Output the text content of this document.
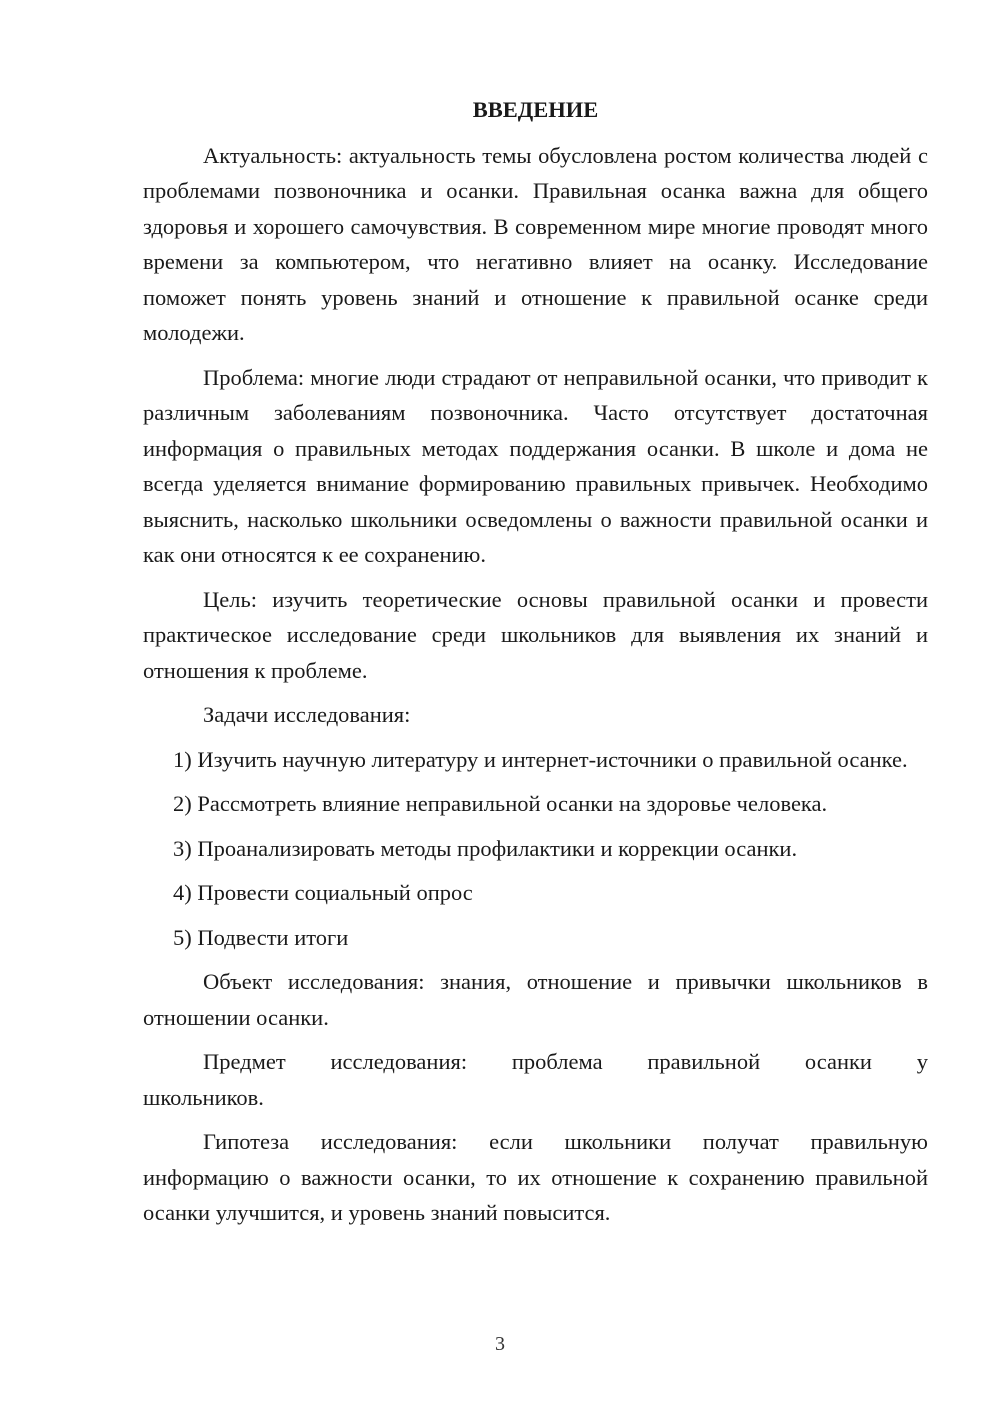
ВВЕДЕНИЕ

Актуальность: актуальность темы обусловлена ростом количества людей с проблемами позвоночника и осанки. Правильная осанка важна для общего здоровья и хорошего самочувствия. В современном мире многие проводят много времени за компьютером, что негативно влияет на осанку. Исследование поможет понять уровень знаний и отношение к правильной осанке среди молодежи.

Проблема: многие люди страдают от неправильной осанки, что приводит к различным заболеваниям позвоночника. Часто отсутствует достаточная информация о правильных методах поддержания осанки. В школе и дома не всегда уделяется внимание формированию правильных привычек. Необходимо выяснить, насколько школьники осведомлены о важности правильной осанки и как они относятся к ее сохранению.

Цель: изучить теоретические основы правильной осанки и провести практическое исследование среди школьников для выявления их знаний и отношения к проблеме.

Задачи исследования:

1) Изучить научную литературу и интернет-источники о правильной осанке.

2) Рассмотреть влияние неправильной осанки на здоровье человека.

3) Проанализировать методы профилактики и коррекции осанки.

4) Провести социальный опрос

5) Подвести итоги

Объект исследования: знания, отношение и привычки школьников в отношении осанки.

Предмет исследования: проблема правильной осанки у
школьников.

Гипотеза исследования: если школьники получат правильную информацию о важности осанки, то их отношение к сохранению правильной осанки улучшится, и уровень знаний повысится.

3
